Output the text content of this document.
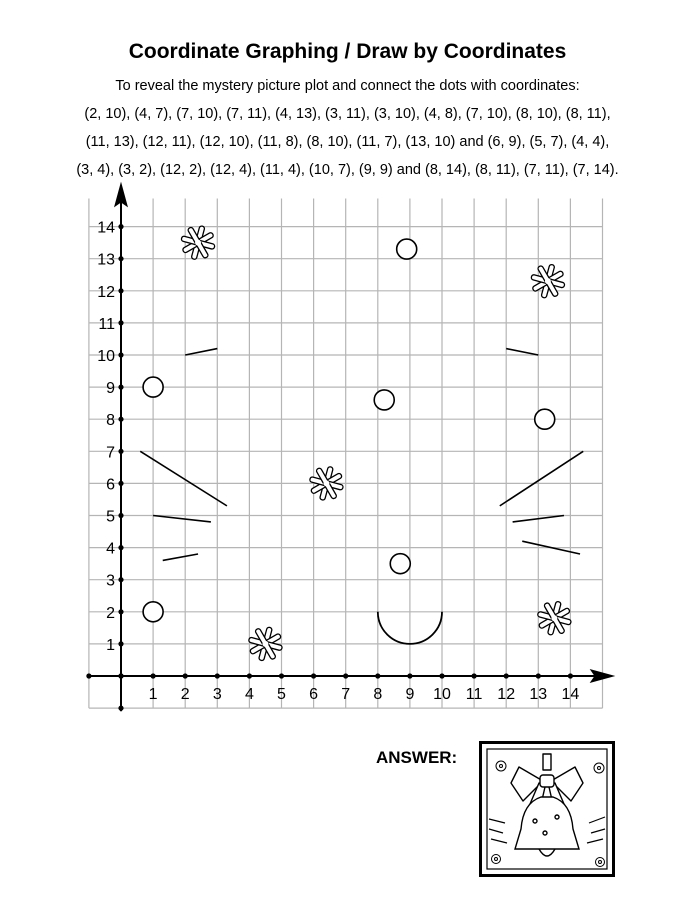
Coordinate Graphing / Draw by Coordinates
To reveal the mystery picture plot and connect the dots with coordinates:
(2, 10), (4, 7), (7, 10), (7, 11), (4, 13), (3, 11), (3, 10), (4, 8), (7, 10), (8, 10), (8, 11),
(11, 13), (12, 11), (12, 10), (11, 8), (8, 10), (11, 7), (13, 10) and (6, 9), (5, 7), (4, 4),
(3, 4), (3, 2), (12, 2), (12, 4), (11, 4), (10, 7), (9, 9) and (8, 14), (8, 11), (7, 11), (7, 14).
1 2 3 4 5 6 7 8 9 10 11 12 13 14
1
2
3
4
5
6
7
8
9
10
11
12
13
14
ANSWER:
